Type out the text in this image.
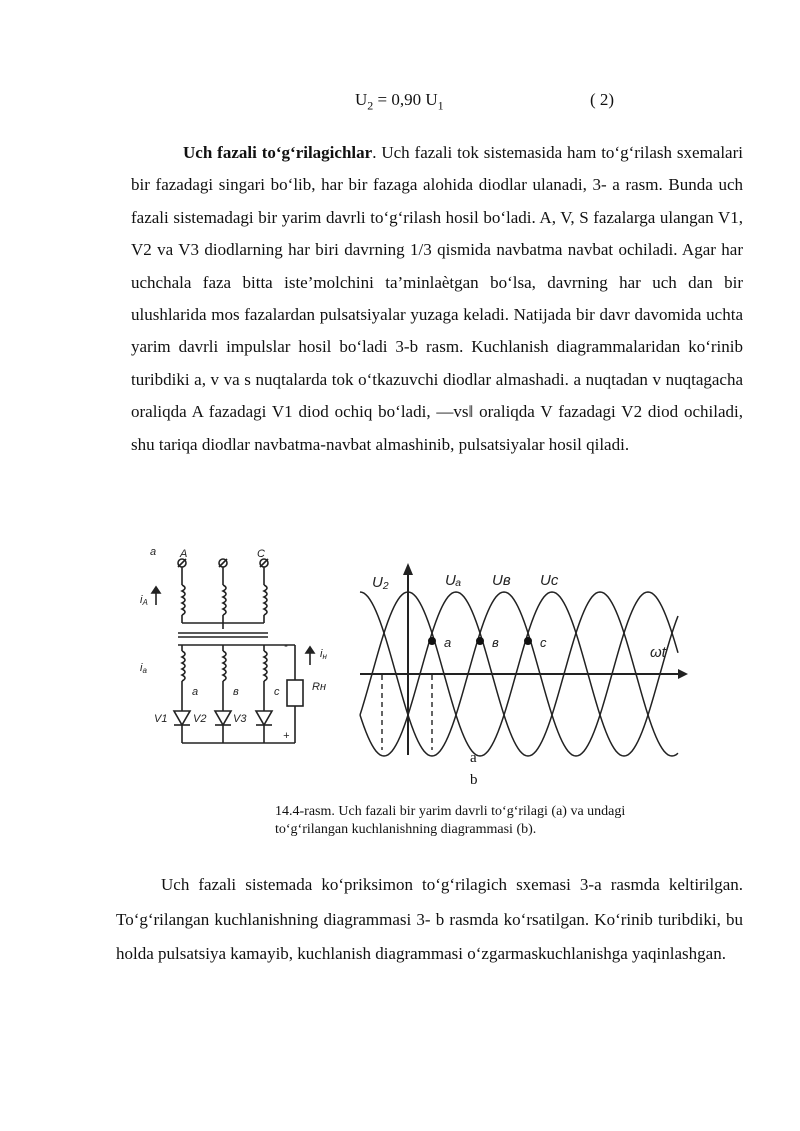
$U_2 = 0,90$ $U_1$	( 2)

Uch fazali to‘g‘rilagichlar. Uch fazali tok sistemasida ham to‘g‘rilash sxemalari bir fazadagi singari bo‘lib, har bir fazaga alohida diodlar ulanadi, 3- a rasm. Bunda uch fazali sistemadagi bir yarim davrli to‘g‘rilash hosil bo‘ladi. A, V, S fazalarga ulangan V1, V2 va V3 diodlarning har biri davrning 1/3 qismida navbatma navbat ochiladi. Agar har uchchala faza bitta iste’molchini ta’minlaètgan bo‘lsa, davrning har uch dan bir ulushlarida mos fazalardan pulsatsiyalar yuzaga keladi. Natijada bir davr davomida uchta yarim davrli impulslar hosil bo‘ladi 3-b rasm. Kuchlanish diagrammalaridan ko‘rinib turibdiki a, v va s nuqtalarda tok o‘tkazuvchi diodlar almashadi. a nuqtadan v nuqtagacha oraliqda A fazadagi V1 diod ochiq bo‘ladi, ―vs‖ oraliqda V fazadagi V2 diod ochiladi, shu tariqa diodlar navbatma-navbat almashinib, pulsatsiyalar hosil qiladi.

a A	C
iA
ia
iн
a	в	c
-
+
Rн
V1 V2 V3
U₂	Uₐ Uв Uc
ωt
a	в	c
a
b
14.4-rasm. Uch fazali bir yarim davrli to‘g‘rilagi (a) va undagi
to‘g‘rilangan kuchlanishning diagrammasi (b).

Uch fazali sistemada ko‘priksimon to‘g‘rilagich sxemasi 3-a rasmda keltirilgan. To‘g‘rilangan kuchlanishning diagrammasi 3- b rasmda ko‘rsatilgan. Ko‘rinib turibdiki, bu holda pulsatsiya kamayib, kuchlanish diagrammasi o‘zgarmaskuchlanishga yaqinlashgan.
